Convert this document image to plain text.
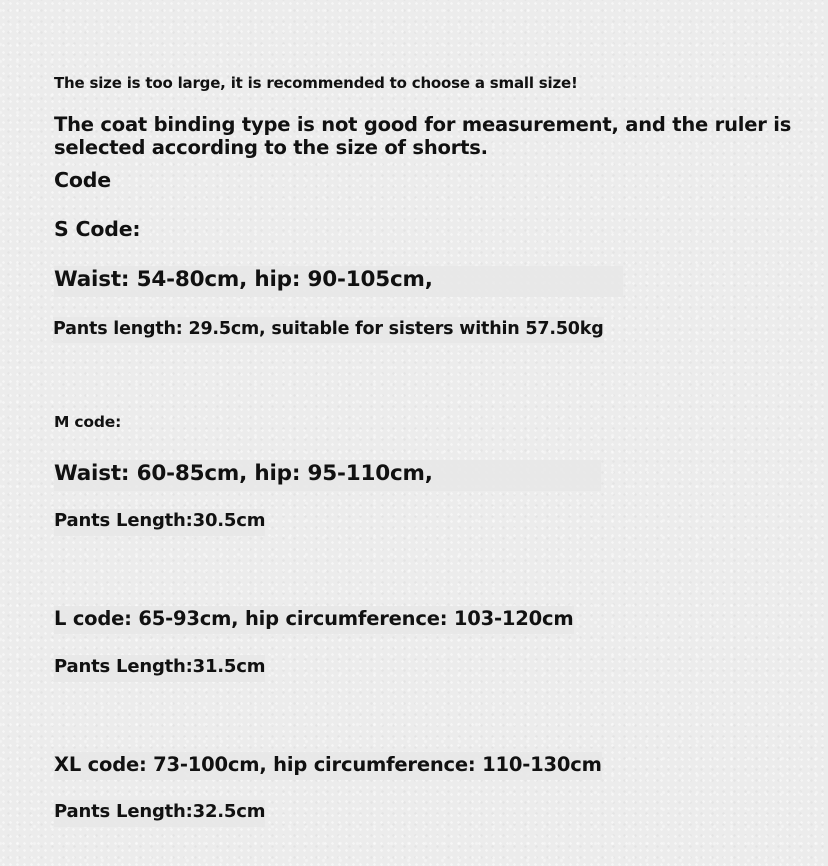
The size is too large, it is recommended to choose a small size!
The coat binding type is not good for measurement, and the ruler is selected according to the size of shorts.
Code
S Code:
Waist: 54-80cm, hip: 90-105cm,
Pants length: 29.5cm, suitable for sisters within 57.50kg
M code:
Waist: 60-85cm, hip: 95-110cm,
Pants Length:30.5cm
L code: 65-93cm, hip circumference: 103-120cm
Pants Length:31.5cm
XL code: 73-100cm, hip circumference: 110-130cm
Pants Length:32.5cm
